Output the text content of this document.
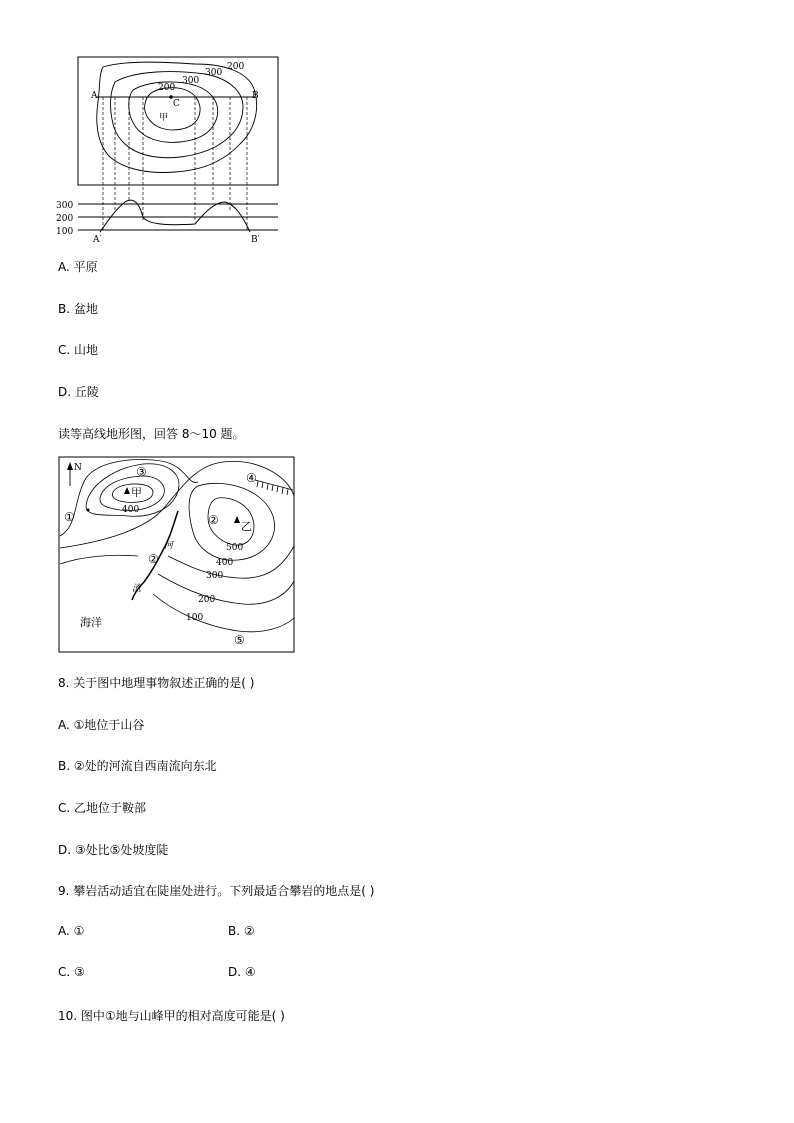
A	B
C
甲
200
300
300
200
300
200
100
A′	B′
A. 平原
B. 盆地
C. 山地
D. 丘陵
读等高线地形图，回答 8～10 题。
N	③	④
①	②
②
⑤
甲
乙
400
500
400
300
200
100
河
流
海洋
8. 关于图中地理事物叙述正确的是( )
A. ①地位于山谷
B. ②处的河流自西南流向东北
C. 乙地位于鞍部
D. ③处比⑤处坡度陡
9. 攀岩活动适宜在陡崖处进行。下列最适合攀岩的地点是( )
A. ①	B. ②
C. ③	D. ④
10. 图中①地与山峰甲的相对高度可能是( )
